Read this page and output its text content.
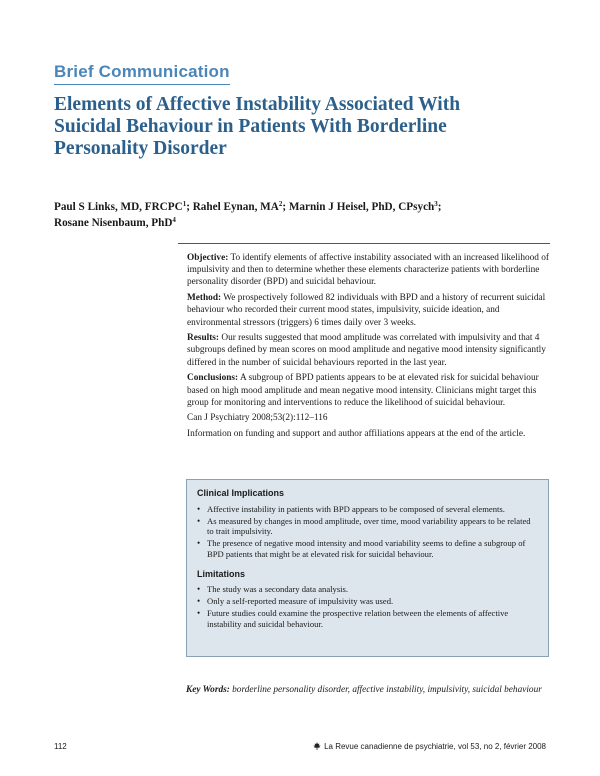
Brief Communication
Elements of Affective Instability Associated With Suicidal Behaviour in Patients With Borderline Personality Disorder
Paul S Links, MD, FRCPC$^1$; Rahel Eynan, $MA^2$; Marnin J Heisel, PhD, CPsych$^3$;
Rosane Nisenbaum, PhD$^4$

Objective: To identify elements of affective instability associated with an increased likelihood of impulsivity and then to determine whether these elements characterize patients with borderline personality disorder (BPD) and suicidal behaviour.

Method: We prospectively followed 82 individuals with BPD and a history of recurrent suicidal behaviour who recorded their current mood states, impulsivity, suicide ideation, and environmental stressors (triggers) 6 times daily over 3 weeks.

Results: Our results suggested that mood amplitude was correlated with impulsivity and that 4 subgroups defined by mean scores on mood amplitude and negative mood intensity significantly differed in the number of suicidal behaviours reported in the last year.

Conclusions: A subgroup of BPD patients appears to be at elevated risk for suicidal behaviour based on high mood amplitude and mean negative mood intensity. Clinicians might target this group for monitoring and interventions to reduce the likelihood of suicidal behaviour.

Can J Psychiatry 2008;53(2):112–116

Information on funding and support and author affiliations appears at the end of the article.

Clinical Implications
• Affective instability in patients with BPD appears to be composed of several elements.
• As measured by changes in mood amplitude, over time, mood variability appears to be related to trait impulsivity.
• The presence of negative mood intensity and mood variability seems to define a subgroup of BPD patients that might be at elevated risk for suicidal behaviour.
Limitations
• The study was a secondary data analysis.
• Only a self-reported measure of impulsivity was used.
• Future studies could examine the prospective relation between the elements of affective instability and suicidal behaviour.
Key Words: borderline personality disorder, affective instability, impulsivity, suicidal behaviour
112	La Revue canadienne de psychiatrie, vol 53, no 2, février 2008
